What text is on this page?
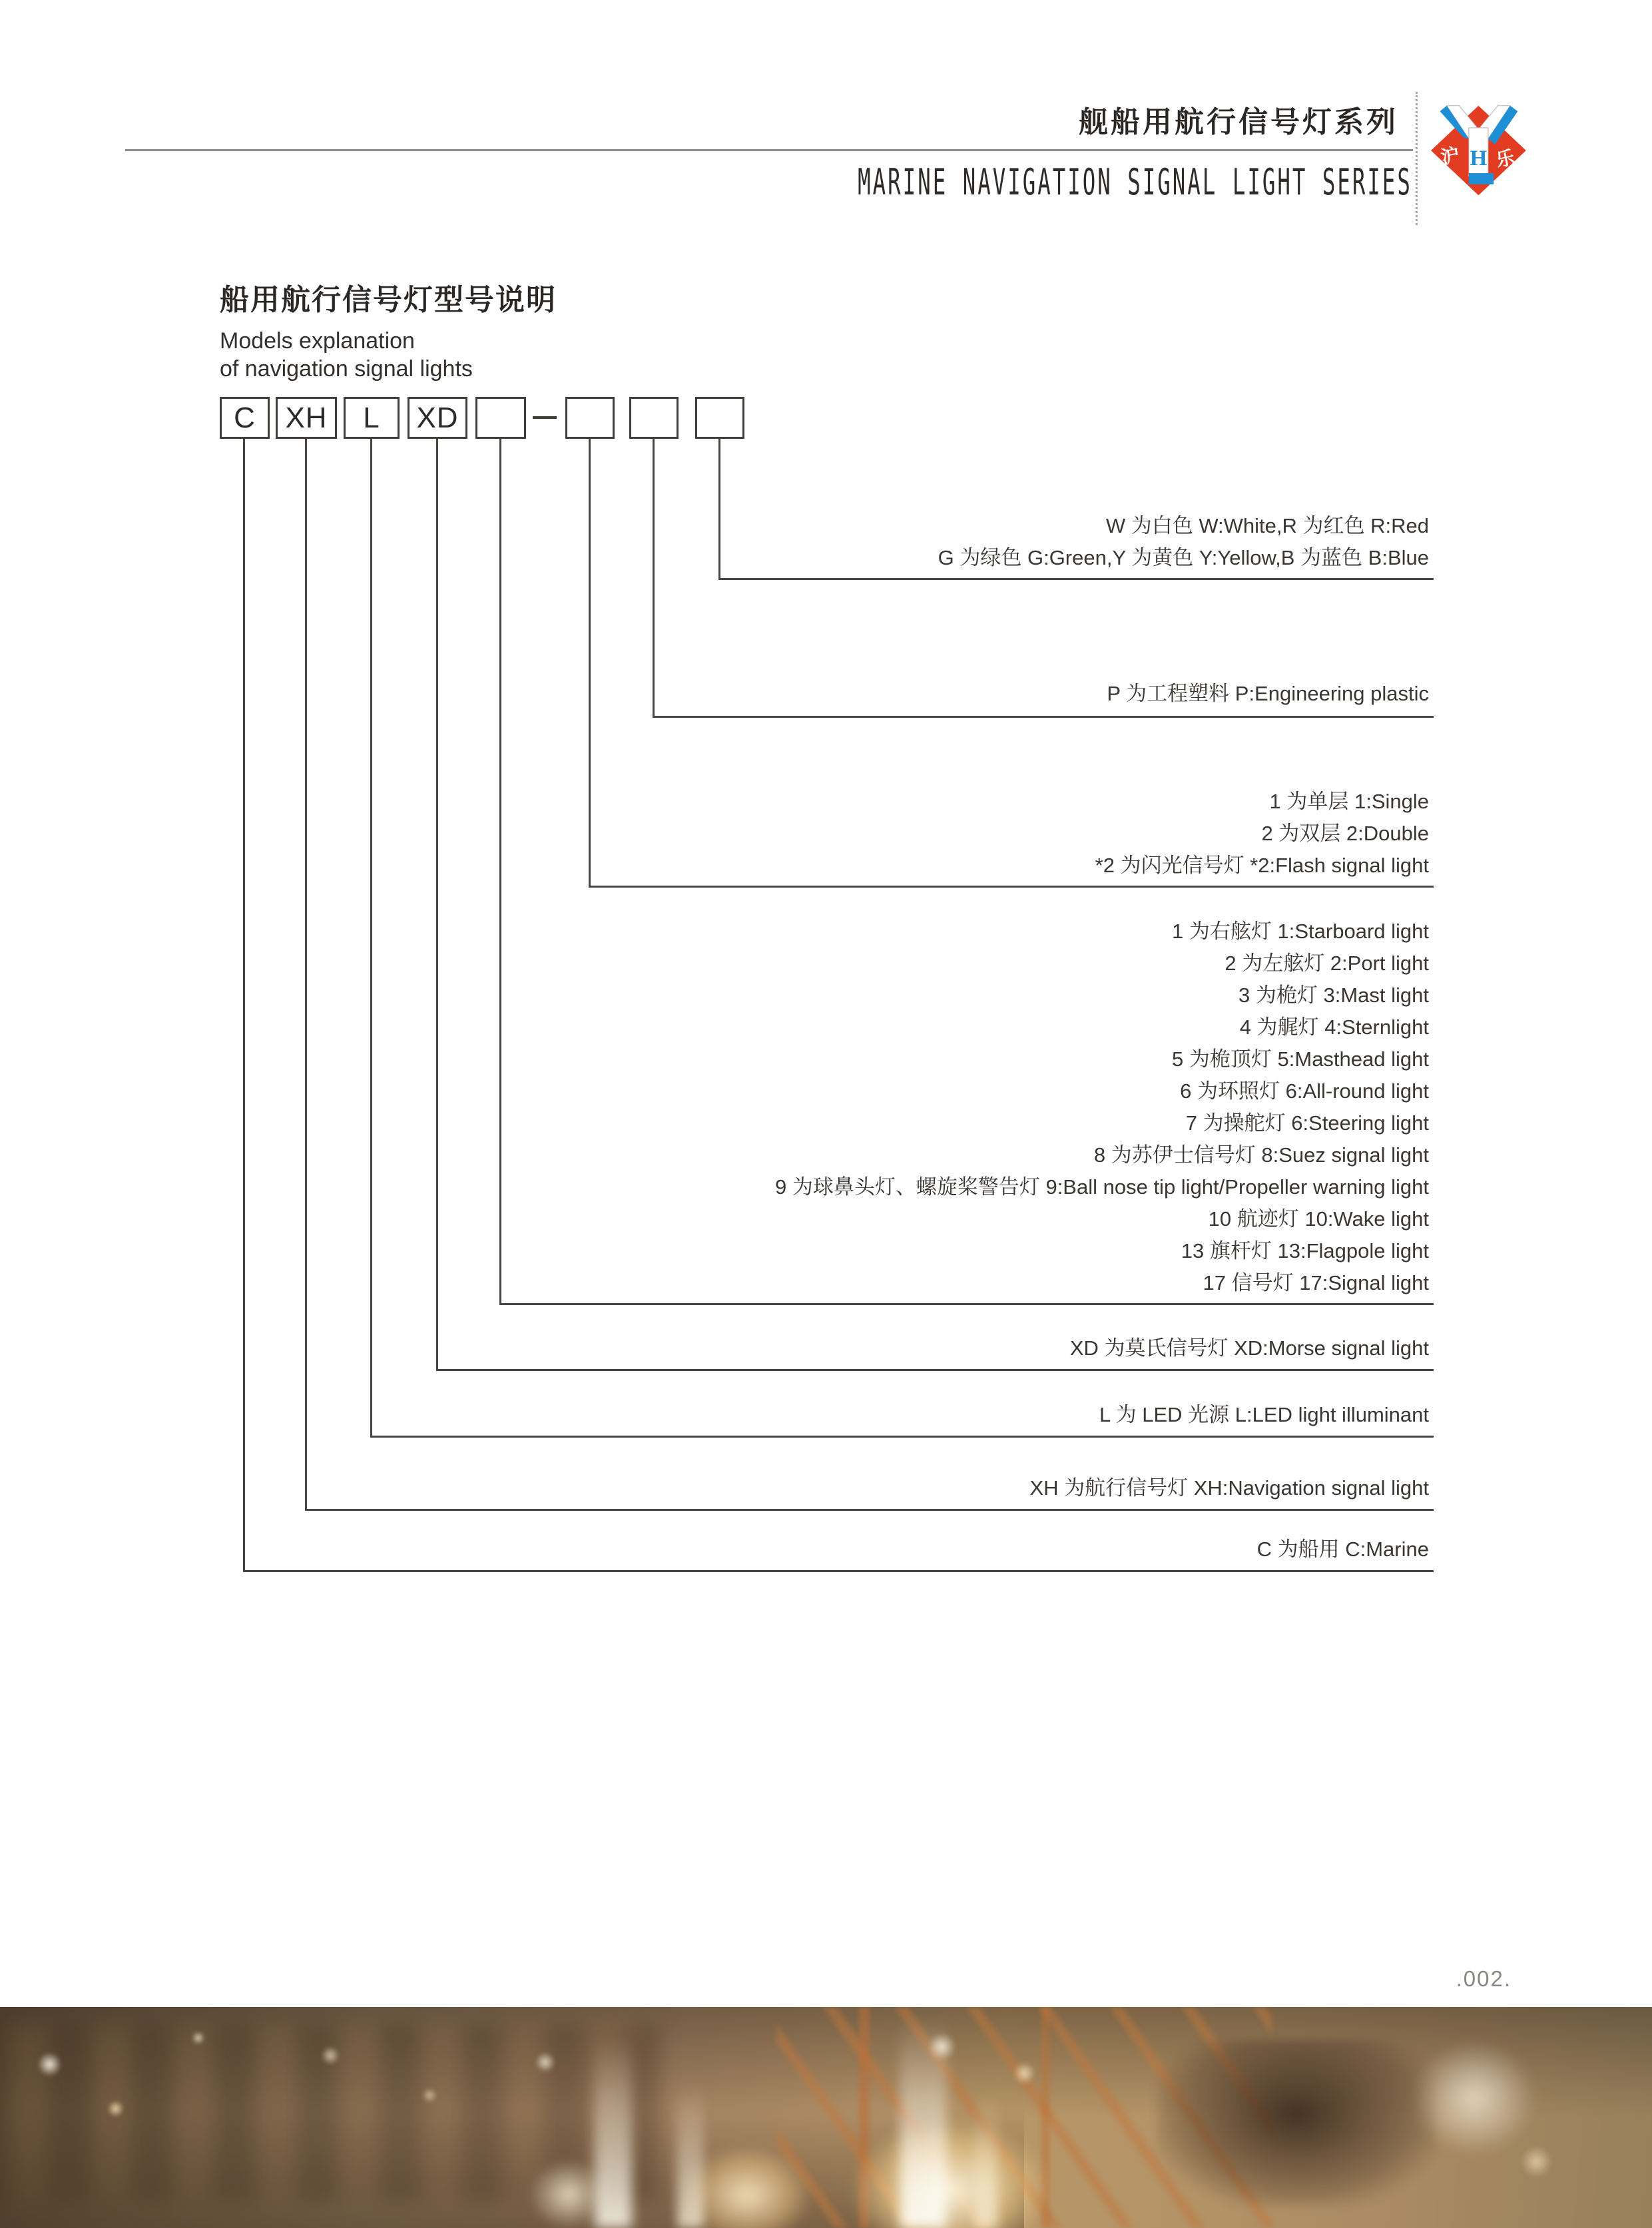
舰船用航行信号灯系列
MARINE NAVIGATION SIGNAL LIGHT SERIES
沪 乐
H
船用航行信号灯型号说明
Models explanation
of navigation signal lights
C	XH	L	XD
W 为白色 W:White,R 为红色 R:Red
G 为绿色 G:Green,Y 为黄色 Y:Yellow,B 为蓝色 B:Blue
P 为工程塑料 P:Engineering plastic
1 为单层 1:Single
2 为双层 2:Double
*2 为闪光信号灯 *2:Flash signal light
1 为右舷灯 1:Starboard light
2 为左舷灯 2:Port light
3 为桅灯 3:Mast light
4 为艉灯 4:Sternlight
5 为桅顶灯 5:Masthead light
6 为环照灯 6:All-round light
7 为操舵灯 6:Steering light
8 为苏伊士信号灯 8:Suez signal light
9 为球鼻头灯、螺旋桨警告灯 9:Ball nose tip light/Propeller warning light
10 航迹灯 10:Wake light
13 旗杆灯 13:Flagpole light
17 信号灯 17:Signal light
XD 为莫氏信号灯 XD:Morse signal light
L 为 LED 光源 L:LED light illuminant
XH 为航行信号灯 XH:Navigation signal light
C 为船用 C:Marine
.002.
